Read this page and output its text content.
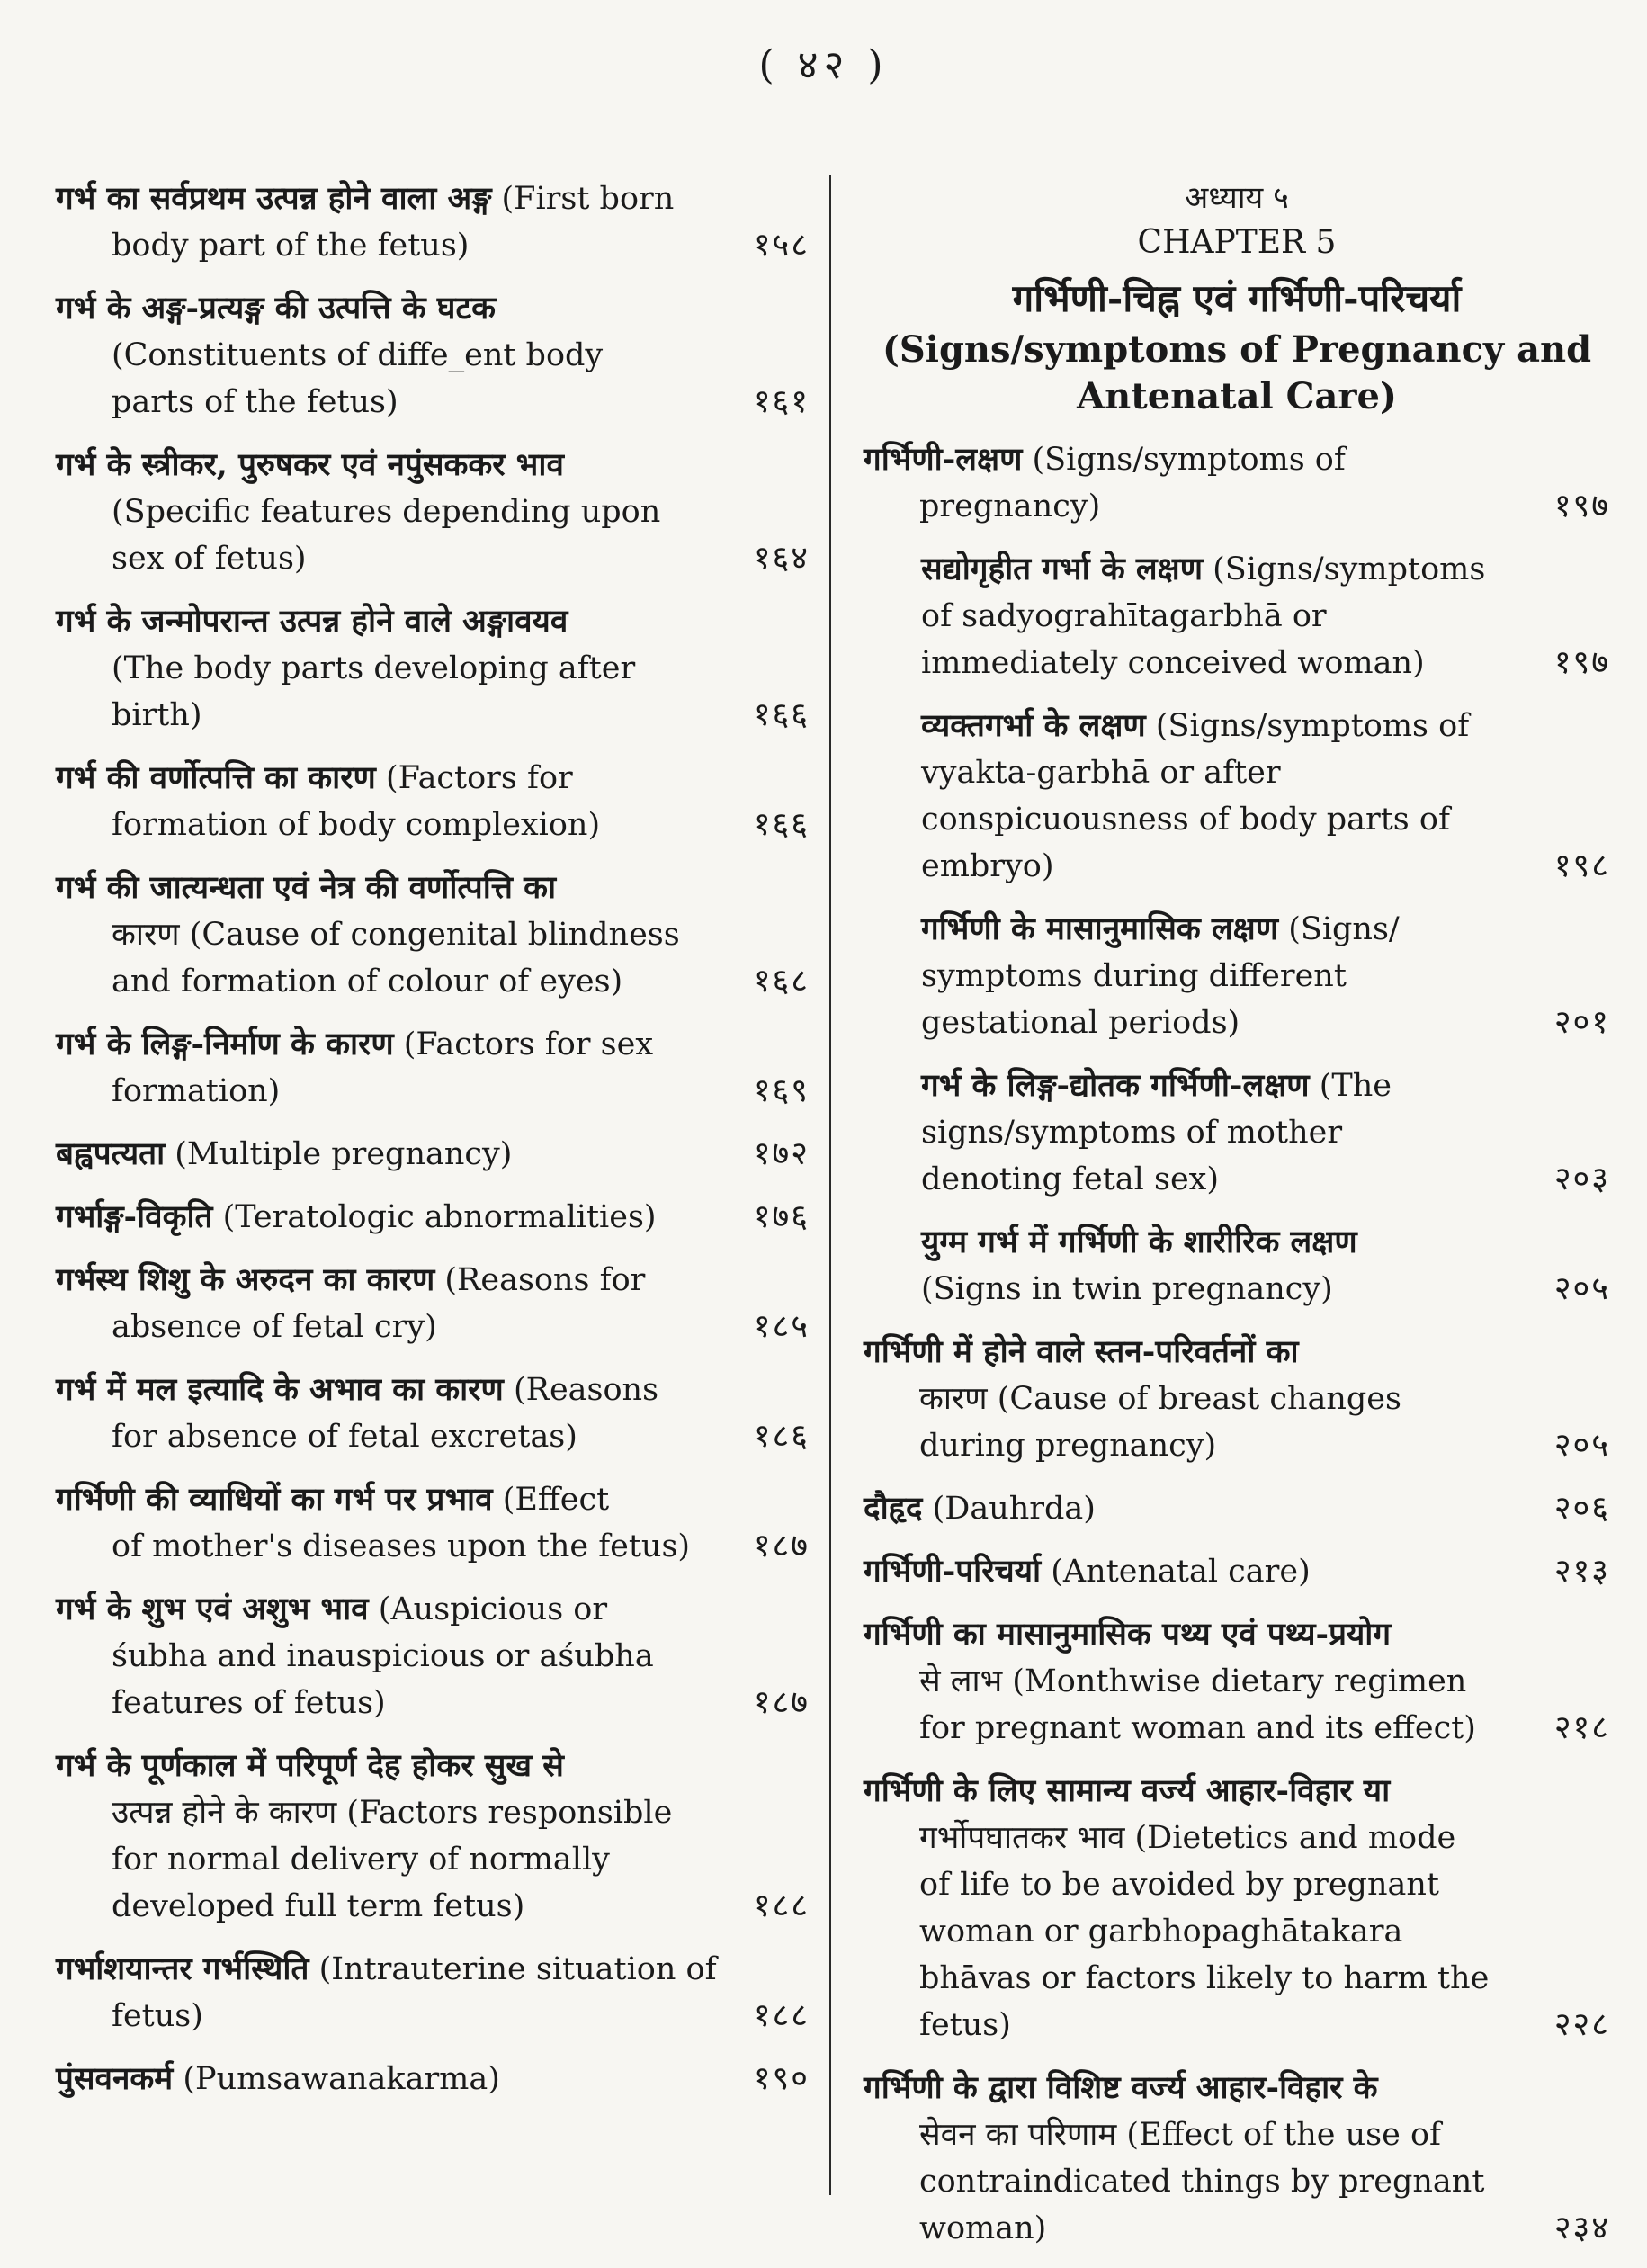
( ४२ )
गर्भ का सर्वप्रथम उत्पन्न होने वाला अङ्ग (First born
body part of the fetus)	१५८
गर्भ के अङ्ग-प्रत्यङ्ग की उत्पत्ति के घटक
(Constituents of diffe_ent body parts of the fetus)	१६१
गर्भ के स्त्रीकर, पुरुषकर एवं नपुंसककर भाव
(Specific features depending upon sex of fetus)	१६४
गर्भ के जन्मोपरान्त उत्पन्न होने वाले अङ्गावयव
(The body parts developing after birth)	१६६
गर्भ की वर्णोत्पत्ति का कारण (Factors for
formation of body complexion)	१६६
गर्भ की जात्यन्धता एवं नेत्र की वर्णोत्पत्ति का
कारण (Cause of congenital blindness and formation of colour of eyes)	१६८
गर्भ के लिङ्ग-निर्माण के कारण (Factors for sex
formation)	१६९
बह्वपत्यता (Multiple pregnancy)	१७२
गर्भाङ्ग-विकृति (Teratologic abnormalities)	१७६
गर्भस्थ शिशु के अरुदन का कारण (Reasons for
absence of fetal cry)	१८५
गर्भ में मल इत्यादि के अभाव का कारण (Reasons
for absence of fetal excretas)	१८६
गर्भिणी की व्याधियों का गर्भ पर प्रभाव (Effect
of mother's diseases upon the fetus)	१८७
गर्भ के शुभ एवं अशुभ भाव (Auspicious or
śubha and inauspicious or aśubha features of fetus)	१८७
गर्भ के पूर्णकाल में परिपूर्ण देह होकर सुख से
उत्पन्न होने के कारण (Factors responsible for normal delivery of normally developed full term fetus)	१८८
गर्भाशयान्तर गर्भस्थिति (Intrauterine situation of
fetus)	१८८
पुंसवनकर्म (Pumsawanakarma)	१९०
अध्याय ५
CHAPTER 5
गर्भिणी-चिह्न एवं गर्भिणी-परिचर्या
(Signs/symptoms of Pregnancy and Antenatal Care)
गर्भिणी-लक्षण (Signs/symptoms of
pregnancy)	१९७
सद्योगृहीत गर्भा के लक्षण (Signs/symptoms
of sadyograhītagarbhā or immediately conceived woman)	१९७
व्यक्तगर्भा के लक्षण (Signs/symptoms of
vyakta-garbhā or after conspicuousness of body parts of embryo)	१९८
गर्भिणी के मासानुमासिक लक्षण (Signs/
symptoms during different gestational periods)	२०१
गर्भ के लिङ्ग-द्योतक गर्भिणी-लक्षण (The
signs/symptoms of mother denoting fetal sex)	२०३
युग्म गर्भ में गर्भिणी के शारीरिक लक्षण
(Signs in twin pregnancy)	२०५
गर्भिणी में होने वाले स्तन-परिवर्तनों का
कारण (Cause of breast changes during pregnancy)	२०५
दौहृद (Dauhrda)	२०६
गर्भिणी-परिचर्या (Antenatal care)	२१३
गर्भिणी का मासानुमासिक पथ्य एवं पथ्य-प्रयोग
से लाभ (Monthwise dietary regimen for pregnant woman and its effect)	२१८
गर्भिणी के लिए सामान्य वर्ज्य आहार-विहार या
गर्भोपघातकर भाव (Dietetics and mode of life to be avoided by pregnant woman or garbhopaghātakara bhāvas or factors likely to harm the fetus)	२२८
गर्भिणी के द्वारा विशिष्ट वर्ज्य आहार-विहार के
सेवन का परिणाम (Effect of the use of contraindicated things by pregnant woman)	२३४
